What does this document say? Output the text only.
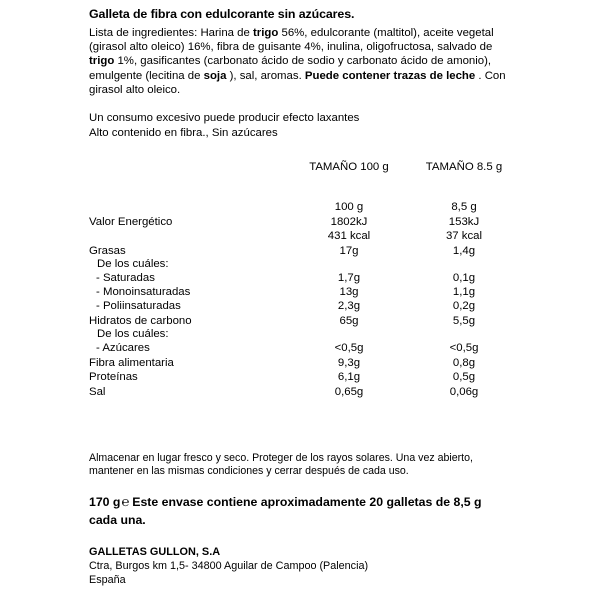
Galleta de fibra con edulcorante sin azúcares.

Lista de ingredientes: Harina de trigo 56%, edulcorante (maltitol), aceite vegetal (girasol alto oleico) 16%, fibra de guisante 4%, inulina, oligofructosa, salvado de trigo 1%, gasificantes (carbonato ácido de sodio y carbonato ácido de amonio), emulgente (lecitina de soja ), sal, aromas. Puede contener trazas de leche . Con girasol alto oleico.

Un consumo excesivo puede producir efecto laxantes
Alto contenido en fibra., Sin azúcares
	TAMAÑO 100 g	TAMAÑO 8.5 g
	100 g	8,5 g
Valor Energético	1802kJ	153kJ
	431 kcal	37 kcal
Grasas	17g	1,4g
De los cuáles:		
- Saturadas	1,7g	0,1g
- Monoinsaturadas	13g	1,1g
- Poliinsaturadas	2,3g	0,2g
Hidratos de carbono	65g	5,5g
De los cuáles:		
- Azúcares	<0,5g	<0,5g
Fibra alimentaria	9,3g	0,8g
Proteínas	6,1g	0,5g
Sal	0,65g	0,06g
Almacenar en lugar fresco y seco. Proteger de los rayos solares. Una vez abierto, mantener en las mismas condiciones y cerrar después de cada uso.
170 g℮ Este envase contiene aproximadamente 20 galletas de 8,5 g cada una.
GALLETAS GULLON, S.A
Ctra, Burgos km 1,5- 34800 Aguilar de Campoo (Palencia)
España
